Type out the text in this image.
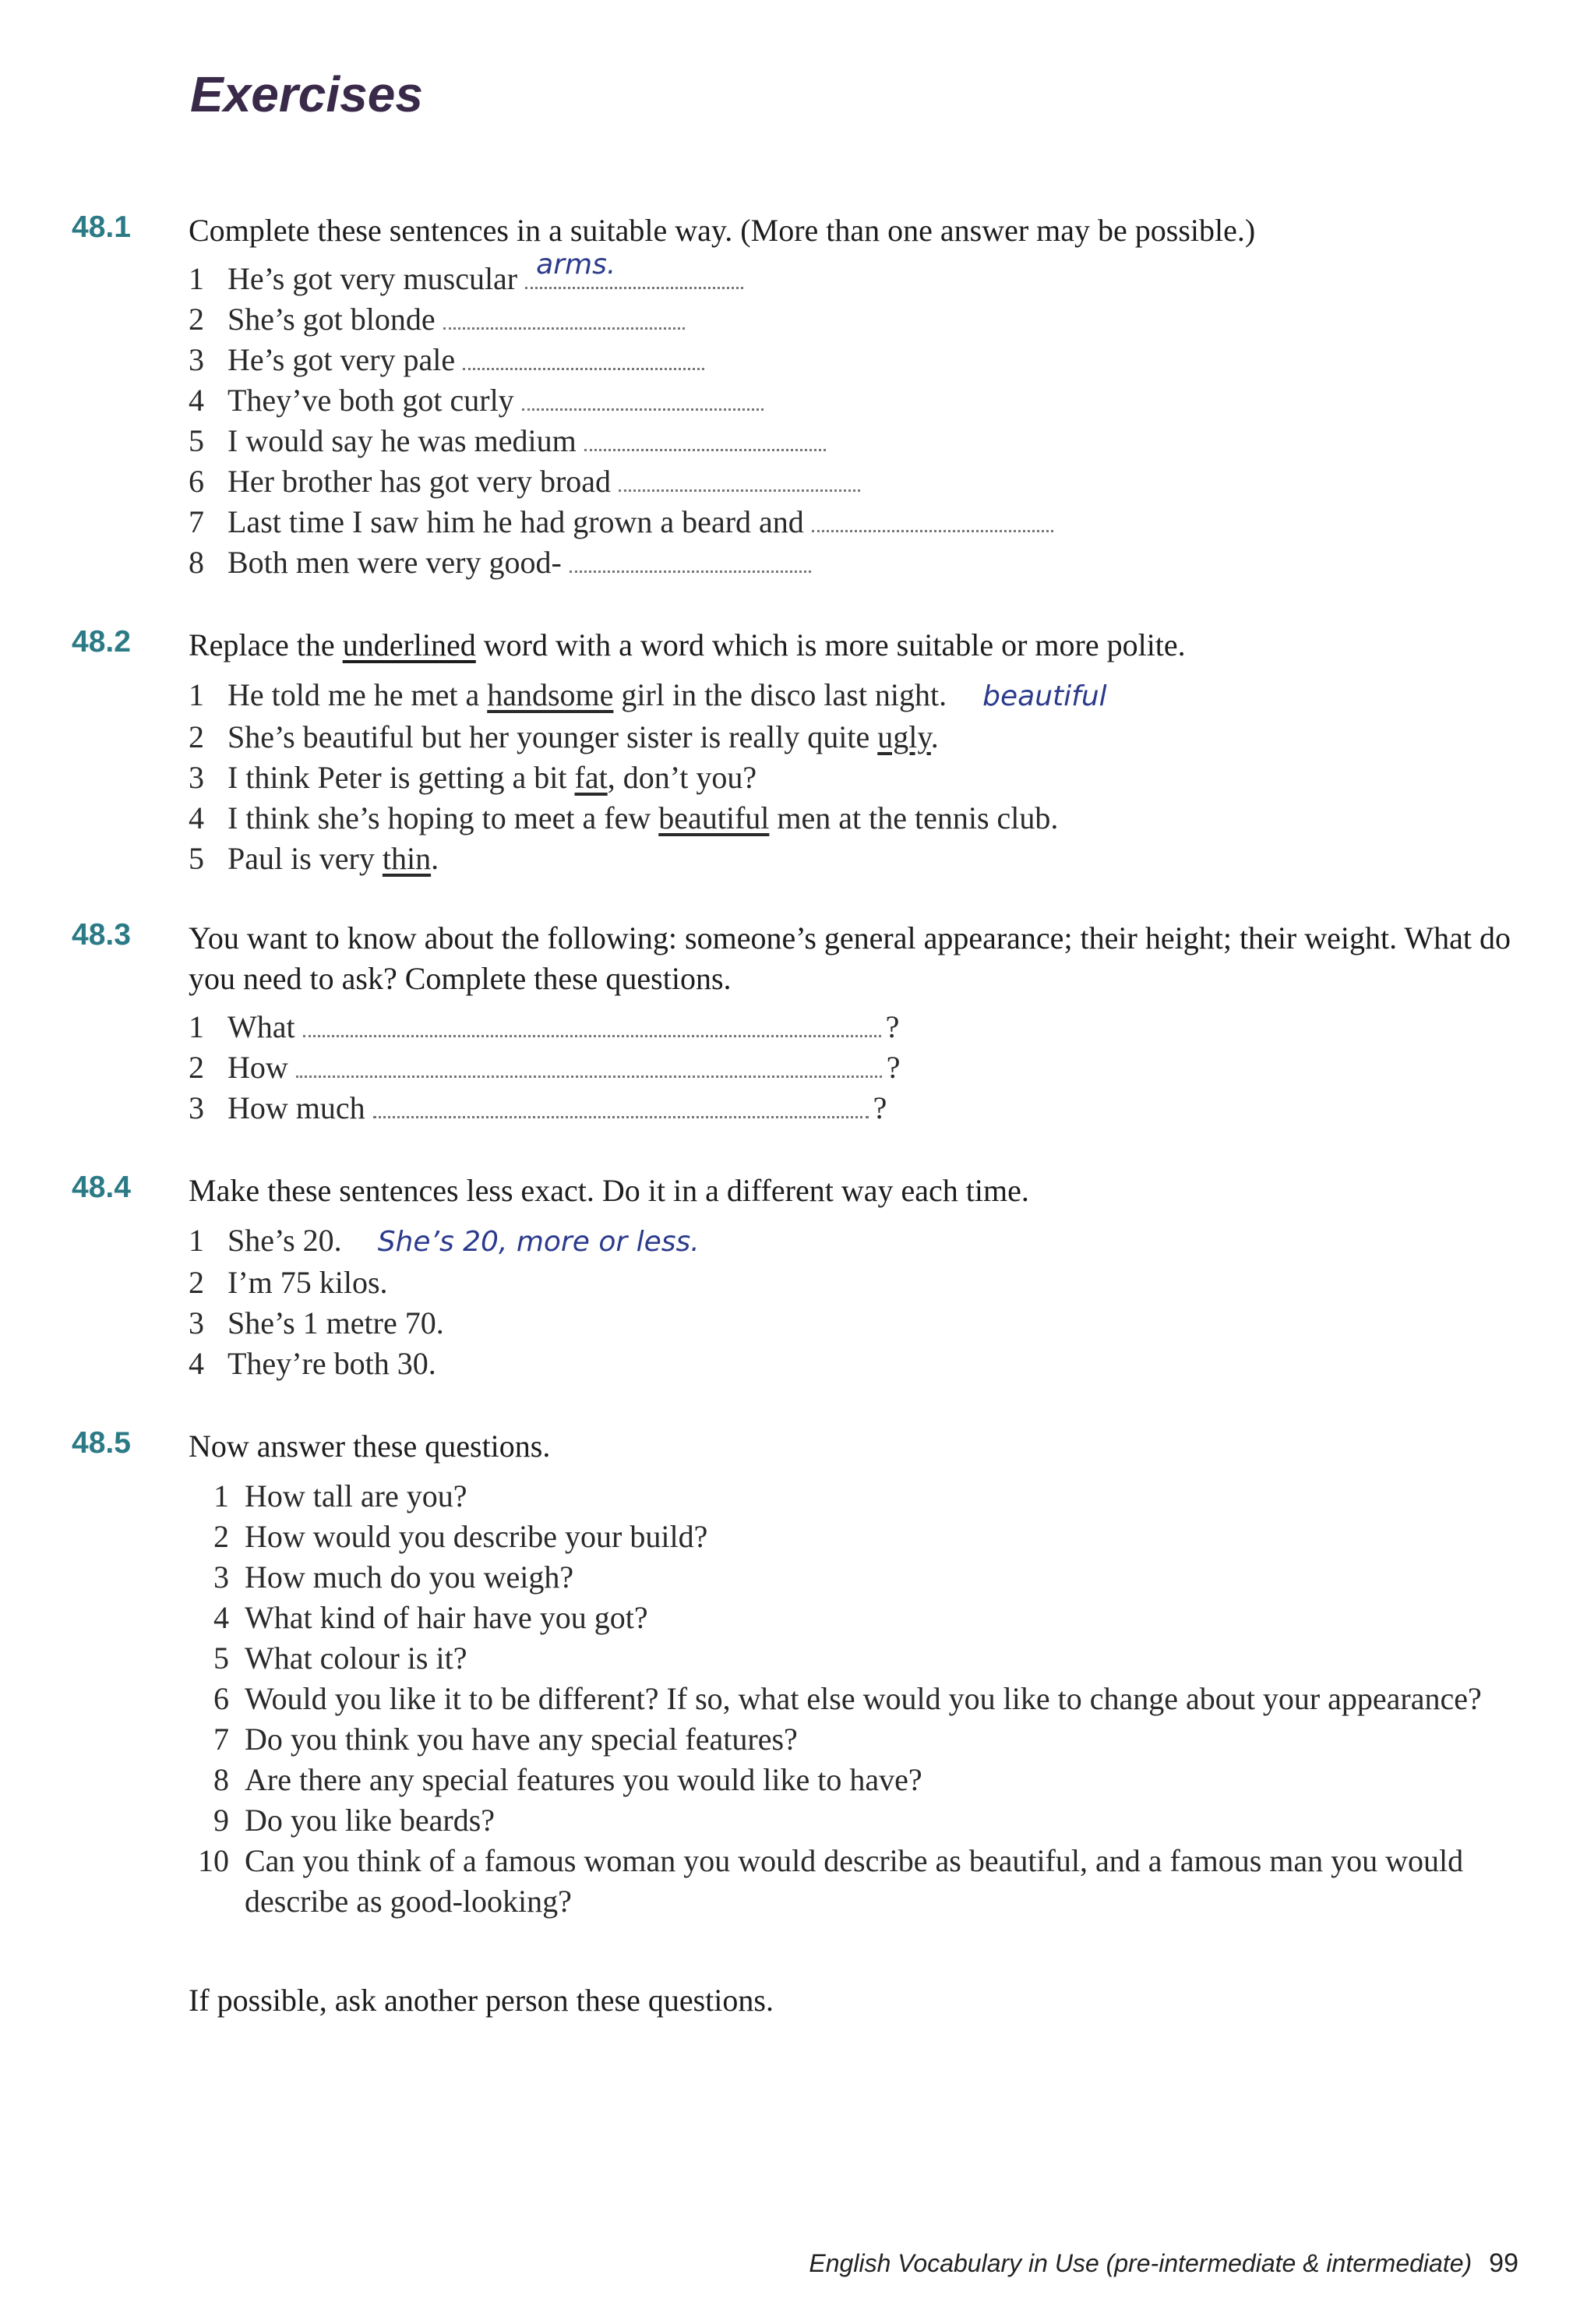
Exercises
48.1 Complete these sentences in a suitable way. (More than one answer may be possible.)

1 He’s got very muscular arms.
2 She’s got blonde
3 He’s got very pale
4 They’ve both got curly
5 I would say he was medium
6 Her brother has got very broad
7 Last time I saw him he had grown a beard and
8 Both men were very good-
48.2 Replace the underlined word with a word which is more suitable or more polite.

1 He told me he met a handsome girl in the disco last night. beautiful
2 She’s beautiful but her younger sister is really quite ugly.
3 I think Peter is getting a bit fat, don’t you?
4 I think she’s hoping to meet a few beautiful men at the tennis club.
5 Paul is very thin.
48.3 You want to know about the following: someone’s general appearance; their height; their weight. What do you need to ask? Complete these questions.

1 What	?
2 How	?
3 How much	?
48.4 Make these sentences less exact. Do it in a different way each time.

1 She’s 20. She’s 20, more or less.
2 I’m 75 kilos.
3 She’s 1 metre 70.
4 They’re both 30.
48.5 Now answer these questions.

1 How tall are you?
2 How would you describe your build?
3 How much do you weigh?
4 What kind of hair have you got?
5 What colour is it?
6 Would you like it to be different? If so, what else would you like to change about your appearance?
7 Do you think you have any special features?
8 Are there any special features you would like to have?
9 Do you like beards?
10 Can you think of a famous woman you would describe as beautiful, and a famous man you would describe as good-looking?

If possible, ask another person these questions.

English Vocabulary in Use (pre-intermediate & intermediate) 99
